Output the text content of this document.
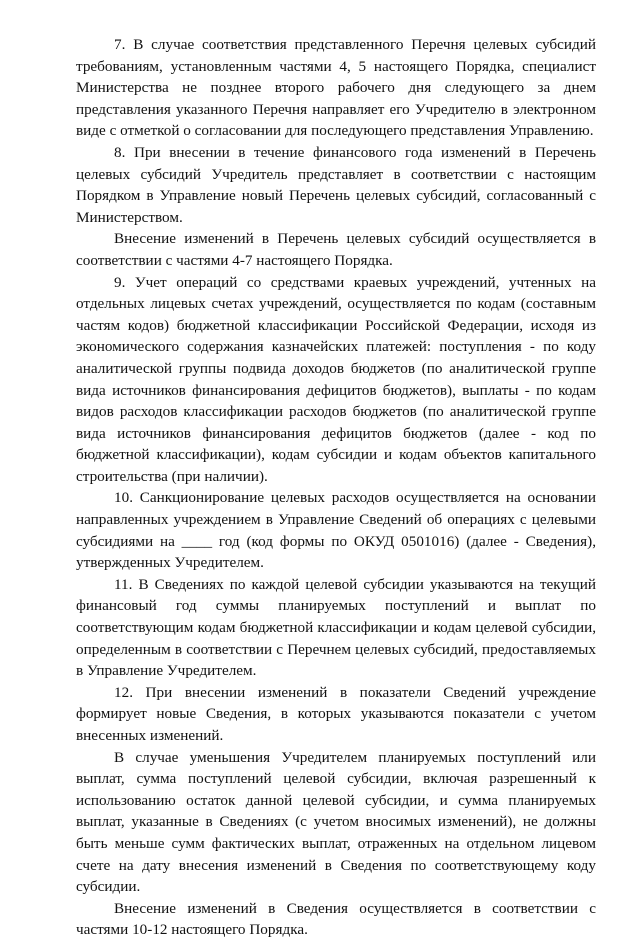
7. В случае соответствия представленного Перечня целевых субсидий требованиям, установленным частями 4, 5 настоящего Порядка, специалист Министерства не позднее второго рабочего дня следующего за днем представления указанного Перечня направляет его Учредителю в электронном виде с отметкой о согласовании для последующего представления Управлению.

8. При внесении в течение финансового года изменений в Перечень целевых субсидий Учредитель представляет в соответствии с настоящим Порядком в Управление новый Перечень целевых субсидий, согласованный с Министерством.

Внесение изменений в Перечень целевых субсидий осуществляется в соответствии с частями 4-7 настоящего Порядка.

9. Учет операций со средствами краевых учреждений, учтенных на отдельных лицевых счетах учреждений, осуществляется по кодам (составным частям кодов) бюджетной классификации Российской Федерации, исходя из экономического содержания казначейских платежей: поступления - по коду аналитической группы подвида доходов бюджетов (по аналитической группе вида источников финансирования дефицитов бюджетов), выплаты - по кодам видов расходов классификации расходов бюджетов (по аналитической группе вида источников финансирования дефицитов бюджетов (далее - код по бюджетной классификации), кодам субсидии и кодам объектов капитального строительства (при наличии).

10. Санкционирование целевых расходов осуществляется на основании направленных учреждением в Управление Сведений об операциях с целевыми субсидиями на ____ год (код формы по ОКУД 0501016) (далее - Сведения), утвержденных Учредителем.

11. В Сведениях по каждой целевой субсидии указываются на текущий финансовый год суммы планируемых поступлений и выплат по соответствующим кодам бюджетной классификации и кодам целевой субсидии, определенным в соответствии с Перечнем целевых субсидий, предоставляемых в Управление Учредителем.

12. При внесении изменений в показатели Сведений учреждение формирует новые Сведения, в которых указываются показатели с учетом внесенных изменений.

В случае уменьшения Учредителем планируемых поступлений или выплат, сумма поступлений целевой субсидии, включая разрешенный к использованию остаток данной целевой субсидии, и сумма планируемых выплат, указанные в Сведениях (с учетом вносимых изменений), не должны быть меньше сумм фактических выплат, отраженных на отдельном лицевом счете на дату внесения изменений в Сведения по соответствующему коду субсидии.

Внесение изменений в Сведения осуществляется в соответствии с частями 10-12 настоящего Порядка.
